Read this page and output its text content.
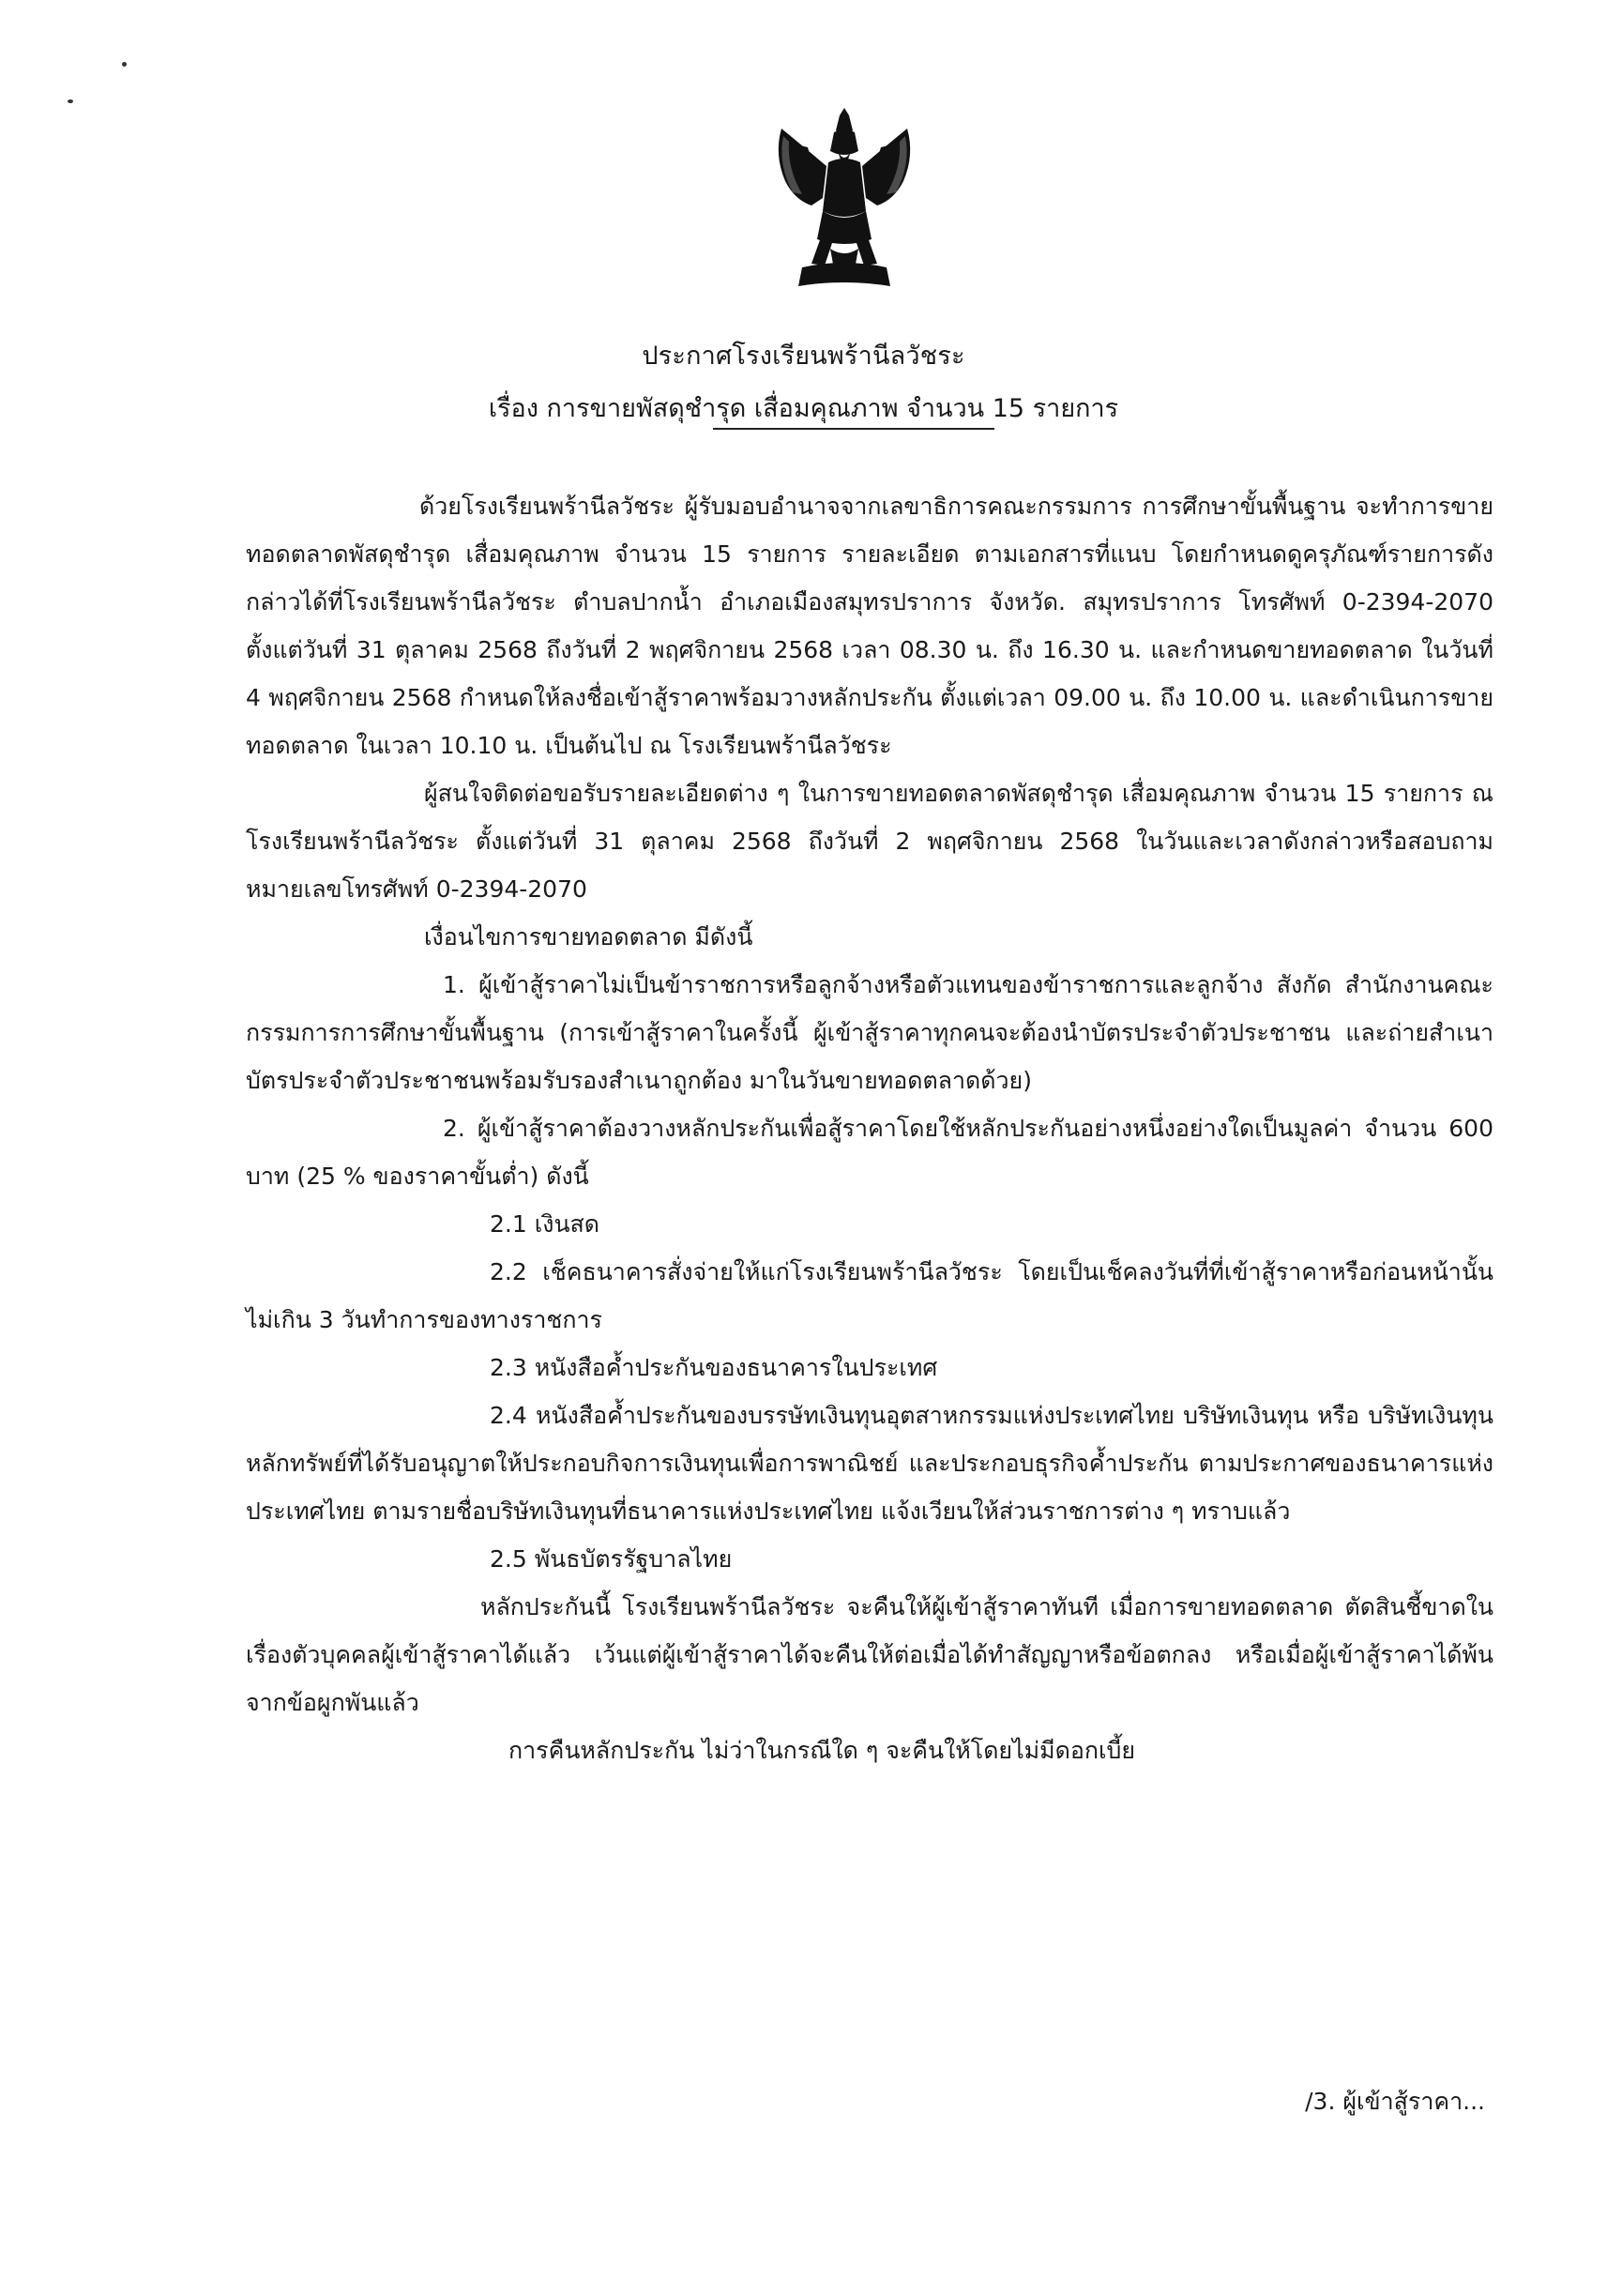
ประกาศโรงเรียนพร้านีลวัชระ
เรื่อง การขายพัสดุชำรุด เสื่อมคุณภาพ จำนวน 15 รายการ

ด้วยโรงเรียนพร้านีลวัชระ ผู้รับมอบอำนาจจากเลขาธิการคณะกรรมการ การศึกษาขั้นพื้นฐาน จะทำการขายทอดตลาดพัสดุชำรุด เสื่อมคุณภาพ จำนวน 15 รายการ รายละเอียด ตามเอกสารที่แนบ โดยกำหนดดูครุภัณฑ์รายการดังกล่าวได้ที่โรงเรียนพร้านีลวัชระ ตำบลปากน้ำ อำเภอเมืองสมุทรปราการ จังหวัด. สมุทรปราการ โทรศัพท์ 0-2394-2070 ตั้งแต่วันที่ 31 ตุลาคม 2568 ถึงวันที่ 2 พฤศจิกายน 2568 เวลา 08.30 น. ถึง 16.30 น. และกำหนดขายทอดตลาด ในวันที่ 4 พฤศจิกายน 2568 กำหนดให้ลงชื่อเข้าสู้ราคาพร้อมวางหลักประกัน ตั้งแต่เวลา 09.00 น. ถึง 10.00 น. และดำเนินการขายทอดตลาด ในเวลา 10.10 น. เป็นต้นไป ณ โรงเรียนพร้านีลวัชระ

ผู้สนใจติดต่อขอรับรายละเอียดต่าง ๆ ในการขายทอดตลาดพัสดุชำรุด เสื่อมคุณภาพ จำนวน 15 รายการ ณ โรงเรียนพร้านีลวัชระ ตั้งแต่วันที่ 31 ตุลาคม 2568 ถึงวันที่ 2 พฤศจิกายน 2568 ในวันและเวลาดังกล่าวหรือสอบถามหมายเลขโทรศัพท์ 0-2394-2070

เงื่อนไขการขายทอดตลาด มีดังนี้

1. ผู้เข้าสู้ราคาไม่เป็นข้าราชการหรือลูกจ้างหรือตัวแทนของข้าราชการและลูกจ้าง สังกัด สำนักงานคณะกรรมการการศึกษาขั้นพื้นฐาน (การเข้าสู้ราคาในครั้งนี้ ผู้เข้าสู้ราคาทุกคนจะต้องนำบัตรประจำตัวประชาชน และถ่ายสำเนาบัตรประจำตัวประชาชนพร้อมรับรองสำเนาถูกต้อง มาในวันขายทอดตลาดด้วย)

2. ผู้เข้าสู้ราคาต้องวางหลักประกันเพื่อสู้ราคาโดยใช้หลักประกันอย่างหนึ่งอย่างใดเป็นมูลค่า จำนวน 600 บาท (25 % ของราคาขั้นต่ำ) ดังนี้

2.1 เงินสด

2.2 เช็คธนาคารสั่งจ่ายให้แก่โรงเรียนพร้านีลวัชระ โดยเป็นเช็คลงวันที่ที่เข้าสู้ราคาหรือก่อนหน้านั้นไม่เกิน 3 วันทำการของทางราชการ

2.3 หนังสือค้ำประกันของธนาคารในประเทศ

2.4 หนังสือค้ำประกันของบรรษัทเงินทุนอุตสาหกรรมแห่งประเทศไทย บริษัทเงินทุน หรือ บริษัทเงินทุนหลักทรัพย์ที่ได้รับอนุญาตให้ประกอบกิจการเงินทุนเพื่อการพาณิชย์ และประกอบธุรกิจค้ำประกัน ตามประกาศของธนาคารแห่งประเทศไทย ตามรายชื่อบริษัทเงินทุนที่ธนาคารแห่งประเทศไทย แจ้งเวียนให้ส่วนราชการต่าง ๆ ทราบแล้ว

2.5 พันธบัตรรัฐบาลไทย

หลักประกันนี้ โรงเรียนพร้านีลวัชระ จะคืนให้ผู้เข้าสู้ราคาทันที เมื่อการขายทอดตลาด ตัดสินชี้ขาดในเรื่องตัวบุคคลผู้เข้าสู้ราคาได้แล้ว เว้นแต่ผู้เข้าสู้ราคาได้จะคืนให้ต่อเมื่อได้ทำสัญญาหรือข้อตกลง หรือเมื่อผู้เข้าสู้ราคาได้พ้นจากข้อผูกพันแล้ว

การคืนหลักประกัน ไม่ว่าในกรณีใด ๆ จะคืนให้โดยไม่มีดอกเบี้ย

/3. ผู้เข้าสู้ราคา...
